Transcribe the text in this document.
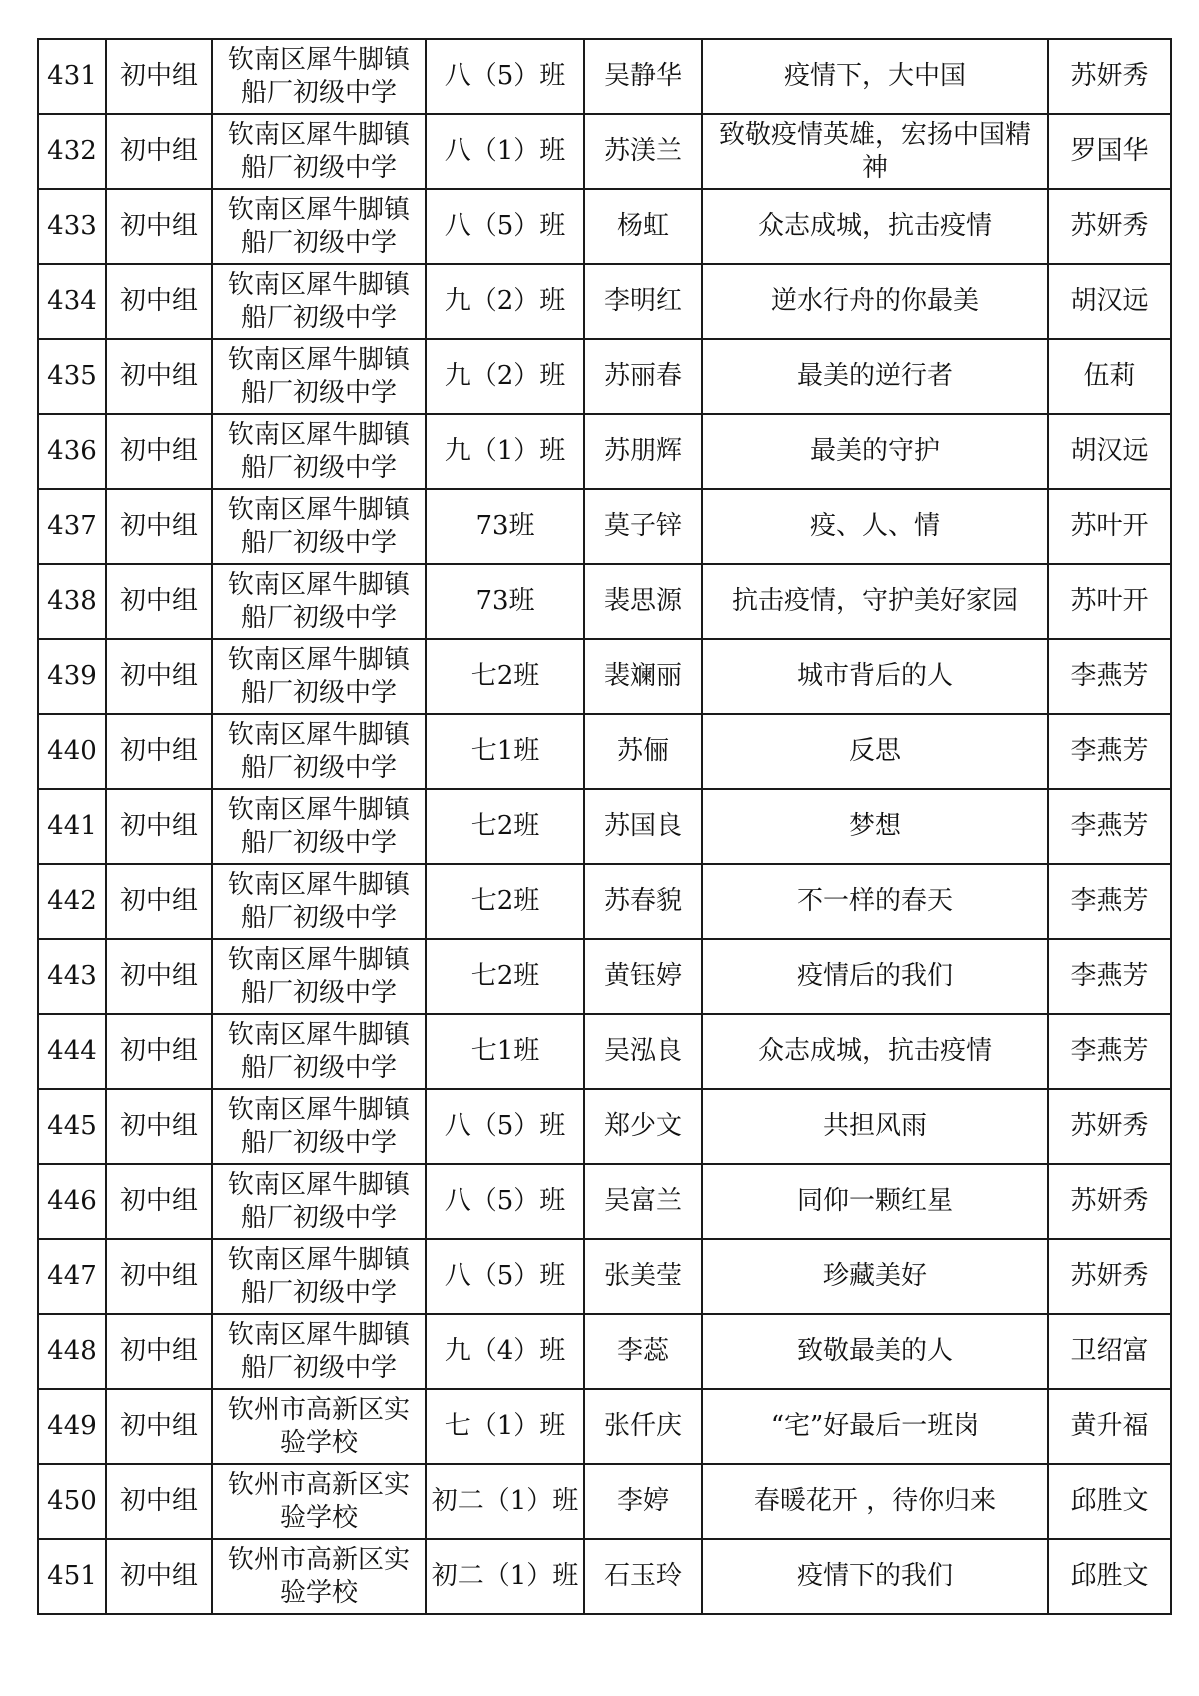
431	初中组	钦南区犀牛脚镇船厂初级中学	八（5）班	吴静华	疫情下，大中国	苏妍秀
432	初中组	钦南区犀牛脚镇船厂初级中学	八（1）班	苏渼兰	致敬疫情英雄，宏扬中国精神	罗国华
433	初中组	钦南区犀牛脚镇船厂初级中学	八（5）班	杨虹	众志成城，抗击疫情	苏妍秀
434	初中组	钦南区犀牛脚镇船厂初级中学	九（2）班	李明红	逆水行舟的你最美	胡汉远
435	初中组	钦南区犀牛脚镇船厂初级中学	九（2）班	苏丽春	最美的逆行者	伍莉
436	初中组	钦南区犀牛脚镇船厂初级中学	九（1）班	苏朋辉	最美的守护	胡汉远
437	初中组	钦南区犀牛脚镇船厂初级中学	73班	莫子锌	疫、人、情	苏叶开
438	初中组	钦南区犀牛脚镇船厂初级中学	73班	裴思源	抗击疫情，守护美好家园	苏叶开
439	初中组	钦南区犀牛脚镇船厂初级中学	七2班	裴斓丽	城市背后的人	李燕芳
440	初中组	钦南区犀牛脚镇船厂初级中学	七1班	苏俪	反思	李燕芳
441	初中组	钦南区犀牛脚镇船厂初级中学	七2班	苏国良	梦想	李燕芳
442	初中组	钦南区犀牛脚镇船厂初级中学	七2班	苏春貌	不一样的春天	李燕芳
443	初中组	钦南区犀牛脚镇船厂初级中学	七2班	黄钰婷	疫情后的我们	李燕芳
444	初中组	钦南区犀牛脚镇船厂初级中学	七1班	吴泓良	众志成城，抗击疫情	李燕芳
445	初中组	钦南区犀牛脚镇船厂初级中学	八（5）班	郑少文	共担风雨	苏妍秀
446	初中组	钦南区犀牛脚镇船厂初级中学	八（5）班	吴富兰	同仰一颗红星	苏妍秀
447	初中组	钦南区犀牛脚镇船厂初级中学	八（5）班	张美莹	珍藏美好	苏妍秀
448	初中组	钦南区犀牛脚镇船厂初级中学	九（4）班	李蕊	致敬最美的人	卫绍富
449	初中组	钦州市高新区实验学校	七（1）班	张仟庆	“宅”好最后一班岗	黄升福
450	初中组	钦州市高新区实验学校	初二（1）班	李婷	春暖花开 ，待你归来	邱胜文
451	初中组	钦州市高新区实验学校	初二（1）班	石玉玲	疫情下的我们	邱胜文
